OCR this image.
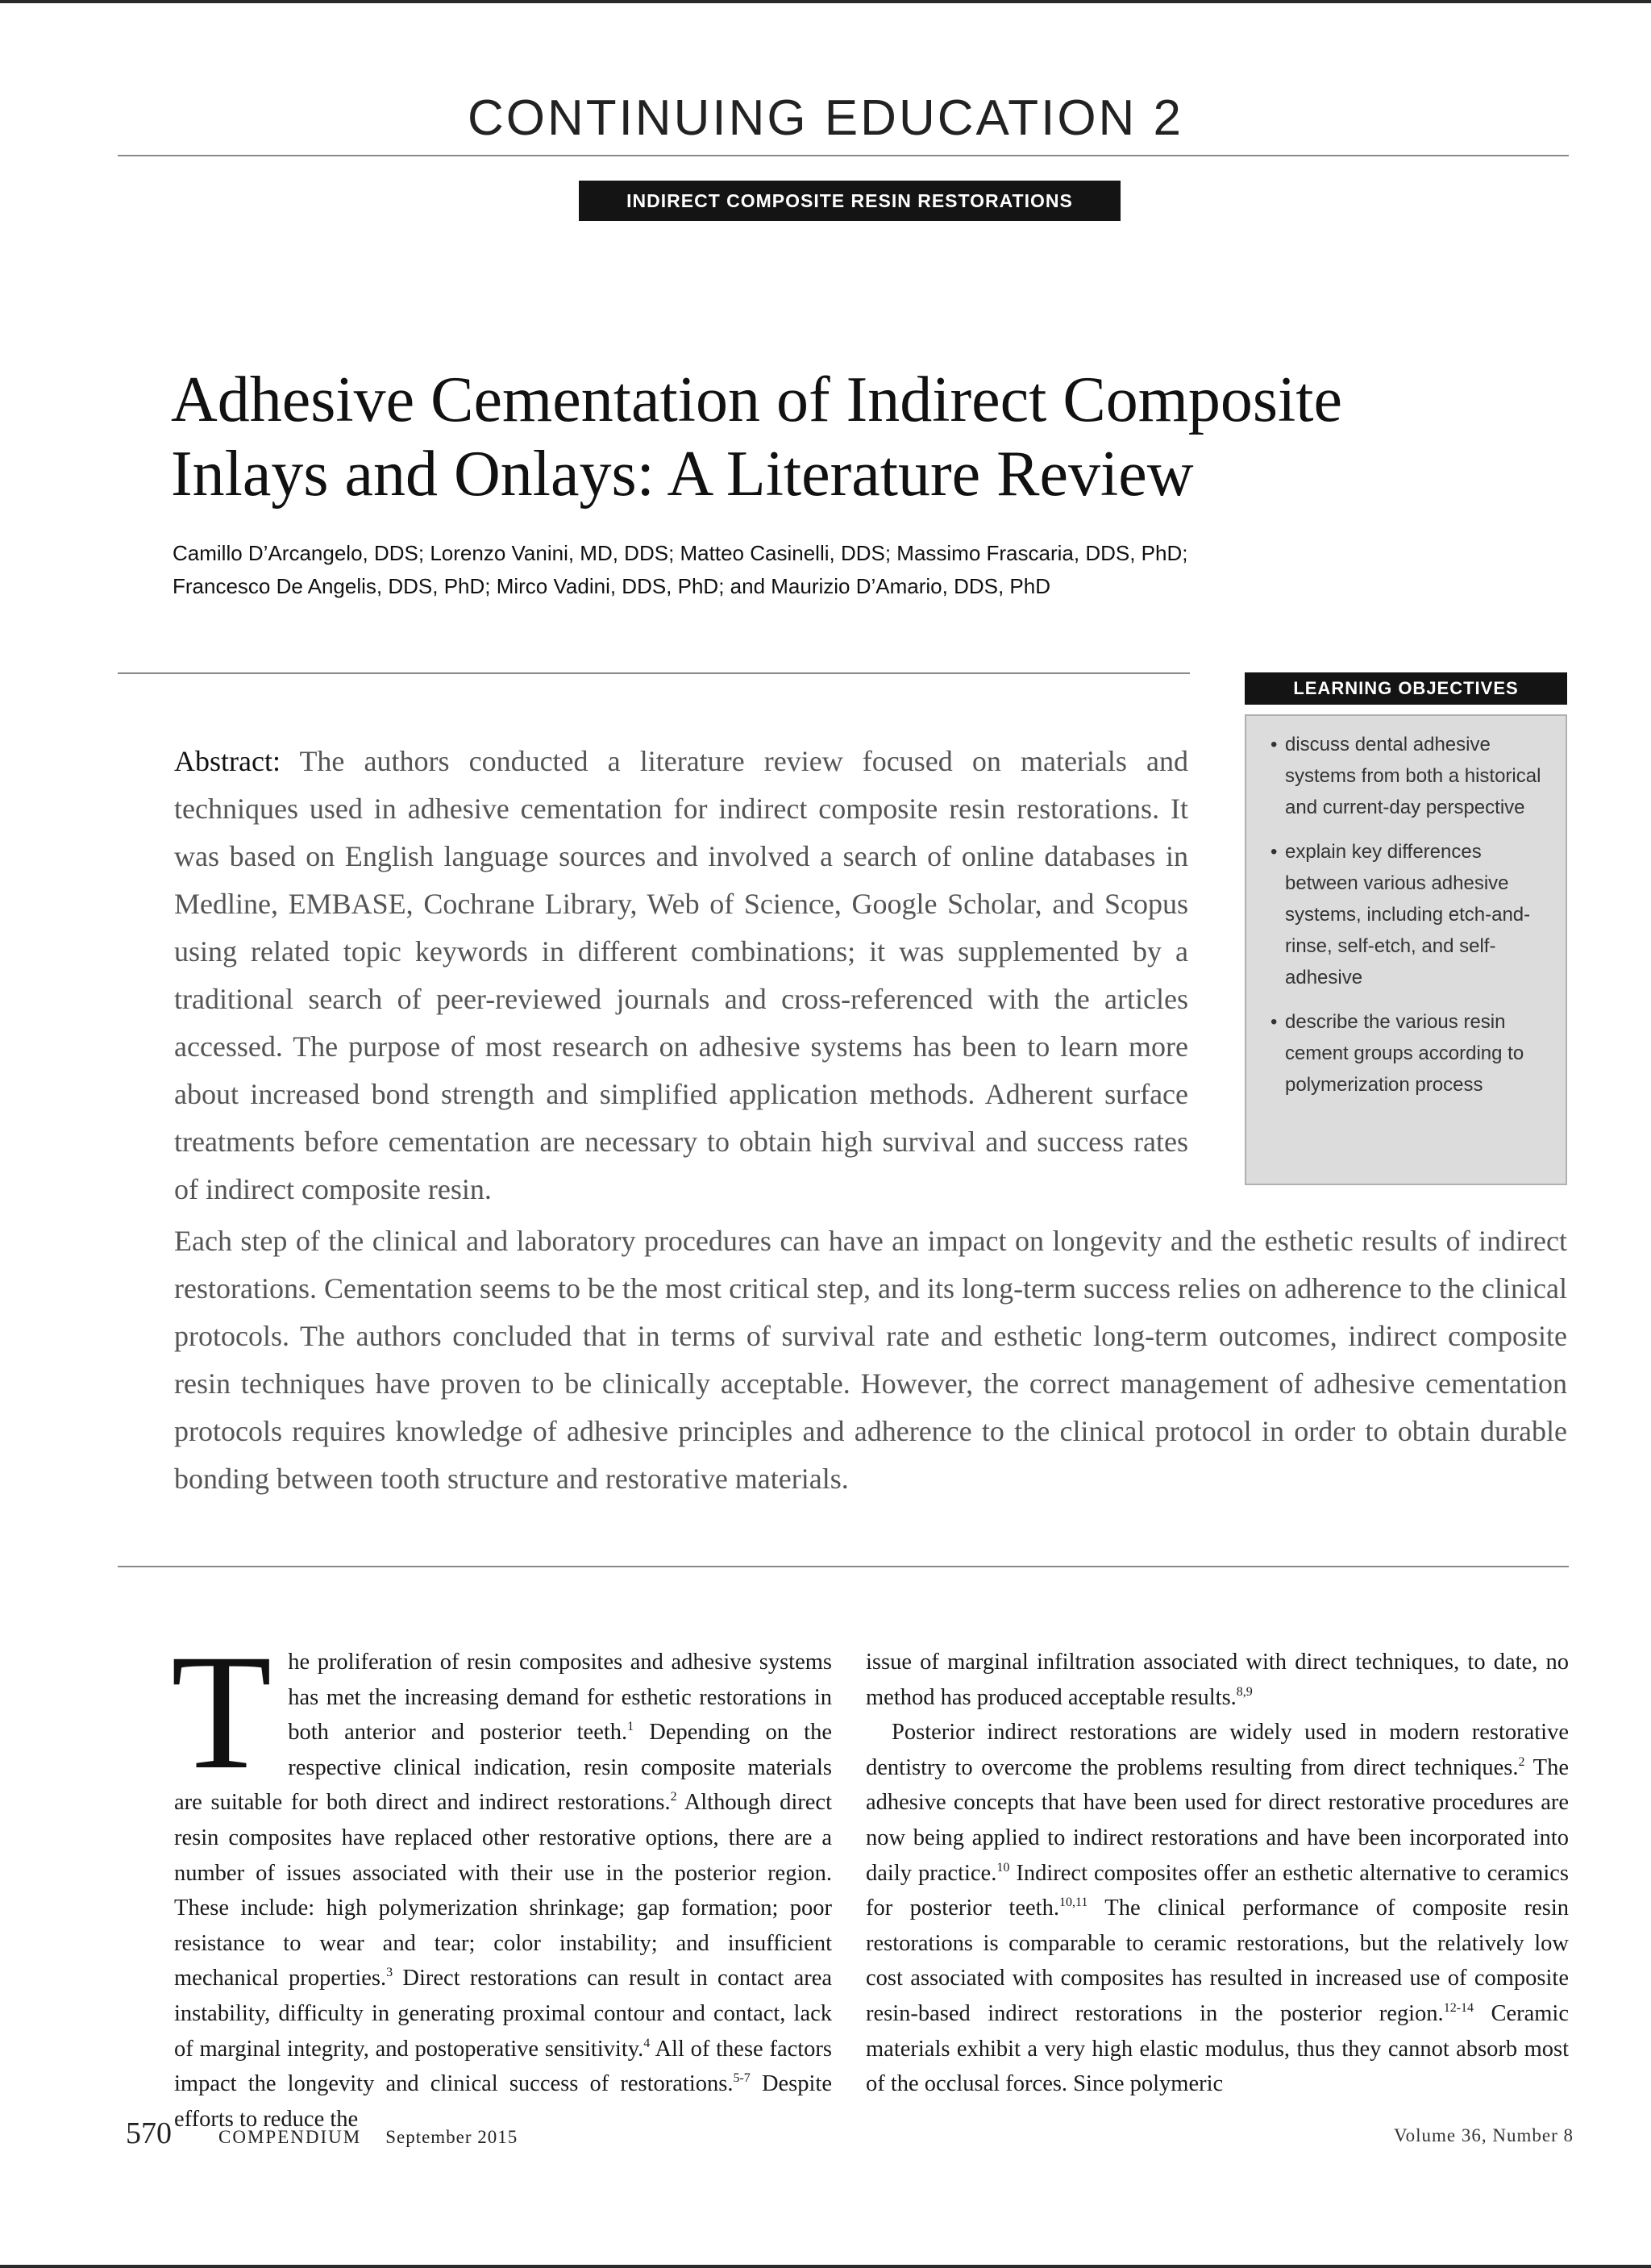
CONTINUING EDUCATION 2
INDIRECT COMPOSITE RESIN RESTORATIONS
Adhesive Cementation of Indirect Composite
Inlays and Onlays: A Literature Review
Camillo D’Arcangelo, DDS; Lorenzo Vanini, MD, DDS; Matteo Casinelli, DDS; Massimo Frascaria, DDS, PhD;
Francesco De Angelis, DDS, PhD; Mirco Vadini, DDS, PhD; and Maurizio D’Amario, DDS, PhD
LEARNING OBJECTIVES
• discuss dental adhesive systems from both a historical and current-day perspective
• explain key differences between various adhesive systems, including etch-and-rinse, self-etch, and self-adhesive
• describe the various resin cement groups according to polymerization process
Abstract: The authors conducted a literature review focused on materials and techniques used in adhesive cementation for indirect composite resin restorations. It was based on English language sources and involved a search of online databases in Medline, EMBASE, Cochrane Library, Web of Science, Google Scholar, and Scopus using related topic keywords in different combinations; it was supplemented by a traditional search of peer-reviewed journals and cross-referenced with the articles accessed. The purpose of most research on adhesive systems has been to learn more about increased bond strength and simplified application methods. Adherent surface treatments before cementation are necessary to obtain high survival and success rates of indirect composite resin.
Each step of the clinical and laboratory procedures can have an impact on longevity and the esthetic results of indirect restorations. Cementation seems to be the most critical step, and its long-term success relies on adherence to the clinical protocols. The authors concluded that in terms of survival rate and esthetic long-term outcomes, indirect composite resin techniques have proven to be clinically acceptable. However, the correct management of adhesive cementation protocols requires knowledge of adhesive principles and adherence to the clinical protocol in order to obtain durable bonding between tooth structure and restorative materials.

The proliferation of resin composites and adhesive systems has met the increasing demand for esthetic restorations in both anterior and posterior teeth.$^1$ Depending on the respective clinical indication, resin composite materials are suitable for both direct and indirect restorations.$^2$ Although direct resin composites have replaced other restorative options, there are a number of issues associated with their use in the posterior region. These include: high polymerization shrinkage; gap formation; poor resistance to wear and tear; color instability; and insufficient mechanical properties.$^3$ Direct restorations can result in contact area instability, difficulty in generating proximal contour and contact, lack of marginal integrity, and postoperative sensitivity.$^4$ All of these factors impact the longevity and clinical success of restorations.$^{5-7}$ Despite efforts to reduce the

issue of marginal infiltration associated with direct techniques, to date, no method has produced acceptable results.$^{8,9}$

Posterior indirect restorations are widely used in modern restorative dentistry to overcome the problems resulting from direct techniques.$^2$ The adhesive concepts that have been used for direct restorative procedures are now being applied to indirect restorations and have been incorporated into daily practice.$^{10}$ Indirect composites offer an esthetic alternative to ceramics for posterior teeth.$^{10,11}$ The clinical performance of composite resin restorations is comparable to ceramic restorations, but the relatively low cost associated with composites has resulted in increased use of composite resin-based indirect restorations in the posterior region.$^{12-14}$ Ceramic materials exhibit a very high elastic modulus, thus they cannot absorb most of the occlusal forces. Since polymeric

570	COMPENDIUM September 2015	Volume 36, Number 8
